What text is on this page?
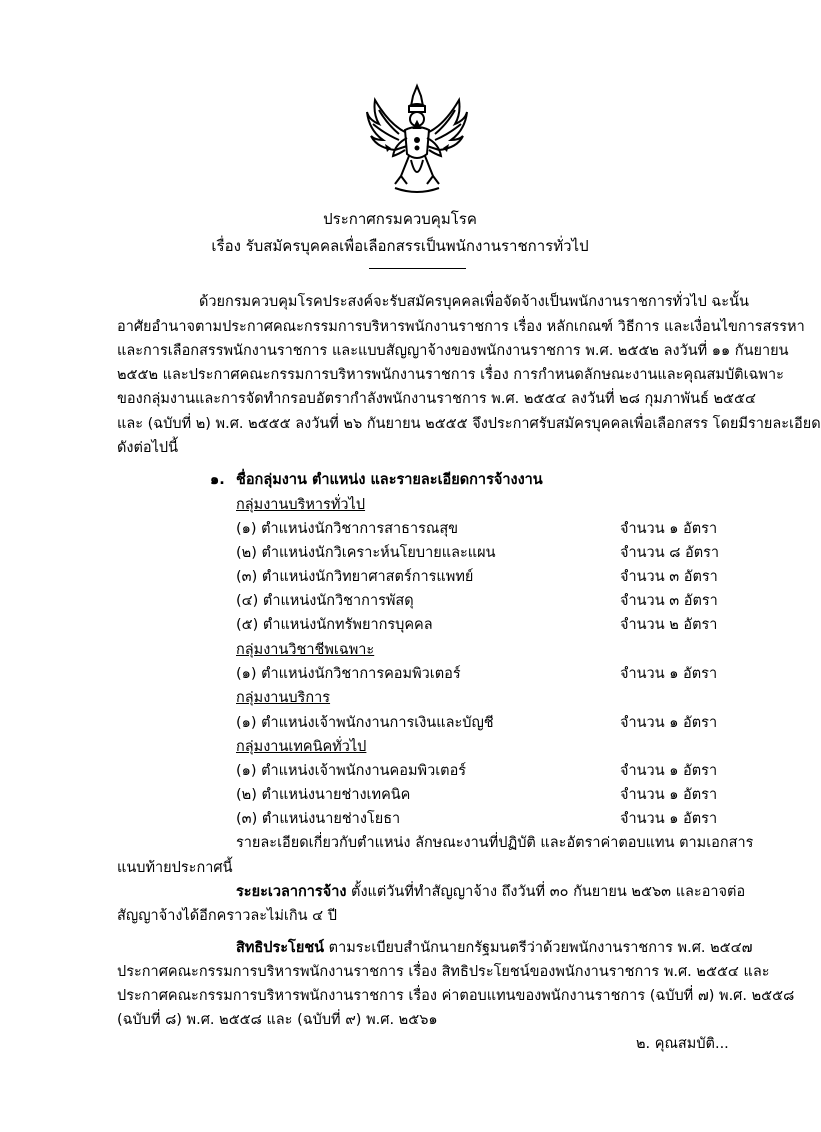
ประกาศกรมควบคุมโรค
เรื่อง รับสมัครบุคคลเพื่อเลือกสรรเป็นพนักงานราชการทั่วไป
ด้วยกรมควบคุมโรคประสงค์จะรับสมัครบุคคลเพื่อจัดจ้างเป็นพนักงานราชการทั่วไป ฉะนั้น
อาศัยอำนาจตามประกาศคณะกรรมการบริหารพนักงานราชการ เรื่อง หลักเกณฑ์ วิธีการ และเงื่อนไขการสรรหา
และการเลือกสรรพนักงานราชการ และแบบสัญญาจ้างของพนักงานราชการ พ.ศ. ๒๕๕๒ ลงวันที่ ๑๑ กันยายน
๒๕๕๒ และประกาศคณะกรรมการบริหารพนักงานราชการ เรื่อง การกำหนดลักษณะงานและคุณสมบัติเฉพาะ
ของกลุ่มงานและการจัดทำกรอบอัตรากำลังพนักงานราชการ พ.ศ. ๒๕๕๔ ลงวันที่ ๒๘ กุมภาพันธ์ ๒๕๕๔
และ (ฉบับที่ ๒) พ.ศ. ๒๕๕๕ ลงวันที่ ๒๖ กันยายน ๒๕๕๕ จึงประกาศรับสมัครบุคคลเพื่อเลือกสรร โดยมีรายละเอียด
ดังต่อไปนี้
๑. ชื่อกลุ่มงาน ตำแหน่ง และรายละเอียดการจ้างงาน
กลุ่มงานบริหารทั่วไป
(๑) ตำแหน่งนักวิชาการสาธารณสุข	จำนวน ๑ อัตรา
(๒) ตำแหน่งนักวิเคราะห์นโยบายและแผน	จำนวน ๘ อัตรา
(๓) ตำแหน่งนักวิทยาศาสตร์การแพทย์	จำนวน ๓ อัตรา
(๔) ตำแหน่งนักวิชาการพัสดุ	จำนวน ๓ อัตรา
(๕) ตำแหน่งนักทรัพยากรบุคคล	จำนวน ๒ อัตรา
กลุ่มงานวิชาชีพเฉพาะ
(๑) ตำแหน่งนักวิชาการคอมพิวเตอร์	จำนวน ๑ อัตรา
กลุ่มงานบริการ
(๑) ตำแหน่งเจ้าพนักงานการเงินและบัญชี	จำนวน ๑ อัตรา
กลุ่มงานเทคนิคทั่วไป
(๑) ตำแหน่งเจ้าพนักงานคอมพิวเตอร์	จำนวน ๑ อัตรา
(๒) ตำแหน่งนายช่างเทคนิค	จำนวน ๑ อัตรา
(๓) ตำแหน่งนายช่างโยธา	จำนวน ๑ อัตรา
รายละเอียดเกี่ยวกับตำแหน่ง ลักษณะงานที่ปฏิบัติ และอัตราค่าตอบแทน ตามเอกสาร
แนบท้ายประกาศนี้
ระยะเวลาการจ้าง ตั้งแต่วันที่ทำสัญญาจ้าง ถึงวันที่ ๓๐ กันยายน ๒๕๖๓ และอาจต่อ
สัญญาจ้างได้อีกคราวละไม่เกิน ๔ ปี
สิทธิประโยชน์ ตามระเบียบสำนักนายกรัฐมนตรีว่าด้วยพนักงานราชการ พ.ศ. ๒๕๔๗
ประกาศคณะกรรมการบริหารพนักงานราชการ เรื่อง สิทธิประโยชน์ของพนักงานราชการ พ.ศ. ๒๕๕๔ และ
ประกาศคณะกรรมการบริหารพนักงานราชการ เรื่อง ค่าตอบแทนของพนักงานราชการ (ฉบับที่ ๗) พ.ศ. ๒๕๕๘
(ฉบับที่ ๘) พ.ศ. ๒๕๕๘ และ (ฉบับที่ ๙) พ.ศ. ๒๕๖๑
๒. คุณสมบัติ...
